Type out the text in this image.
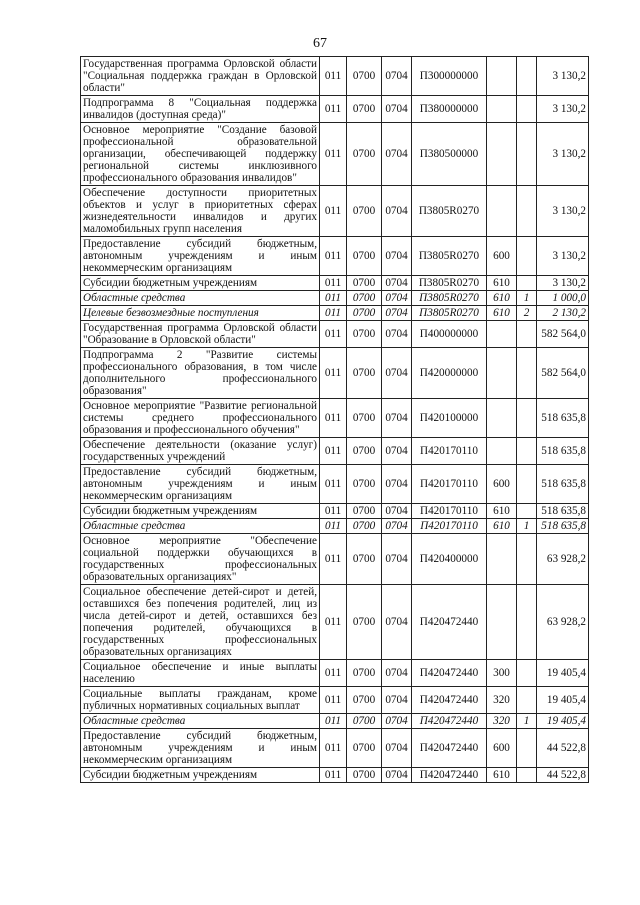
67
Государственная программа Орловской области "Социальная поддержка граждан в Орловской области"	011	0700	0704	П300000000			3 130,2
Подпрограмма 8 "Социальная поддержка инвалидов (доступная среда)"	011	0700	0704	П380000000			3 130,2
Основное мероприятие "Создание базовой профессиональной образовательной организации, обеспечивающей поддержку региональной системы инклюзивного профессионального образования инвалидов"	011	0700	0704	П380500000			3 130,2
Обеспечение доступности приоритетных объектов и услуг в приоритетных сферах жизнедеятельности инвалидов и других маломобильных групп населения	011	0700	0704	П3805R0270			3 130,2
Предоставление субсидий бюджетным, автономным учреждениям и иным некоммерческим организациям	011	0700	0704	П3805R0270	600		3 130,2
Субсидии бюджетным учреждениям	011	0700	0704	П3805R0270	610		3 130,2
Областные средства	011	0700	0704	П3805R0270	610	1	1 000,0
Целевые безвозмездные поступления	011	0700	0704	П3805R0270	610	2	2 130,2
Государственная программа Орловской области "Образование в Орловской области"	011	0700	0704	П400000000			582 564,0
Подпрограмма 2 "Развитие системы профессионального образования, в том числе дополнительного профессионального образования"	011	0700	0704	П420000000			582 564,0
Основное мероприятие "Развитие региональной системы среднего профессионального образования и профессионального обучения"	011	0700	0704	П420100000			518 635,8
Обеспечение деятельности (оказание услуг) государственных учреждений	011	0700	0704	П420170110			518 635,8
Предоставление субсидий бюджетным, автономным учреждениям и иным некоммерческим организациям	011	0700	0704	П420170110	600		518 635,8
Субсидии бюджетным учреждениям	011	0700	0704	П420170110	610		518 635,8
Областные средства	011	0700	0704	П420170110	610	1	518 635,8
Основное мероприятие "Обеспечение социальной поддержки обучающихся в государственных профессиональных образовательных организациях"	011	0700	0704	П420400000			63 928,2
Социальное обеспечение детей-сирот и детей, оставшихся без попечения родителей, лиц из числа детей-сирот и детей, оставшихся без попечения родителей, обучающихся в государственных профессиональных образовательных организациях	011	0700	0704	П420472440			63 928,2
Социальное обеспечение и иные выплаты населению	011	0700	0704	П420472440	300		19 405,4
Социальные выплаты гражданам, кроме публичных нормативных социальных выплат	011	0700	0704	П420472440	320		19 405,4
Областные средства	011	0700	0704	П420472440	320	1	19 405,4
Предоставление субсидий бюджетным, автономным учреждениям и иным некоммерческим организациям	011	0700	0704	П420472440	600		44 522,8
Субсидии бюджетным учреждениям	011	0700	0704	П420472440	610		44 522,8
